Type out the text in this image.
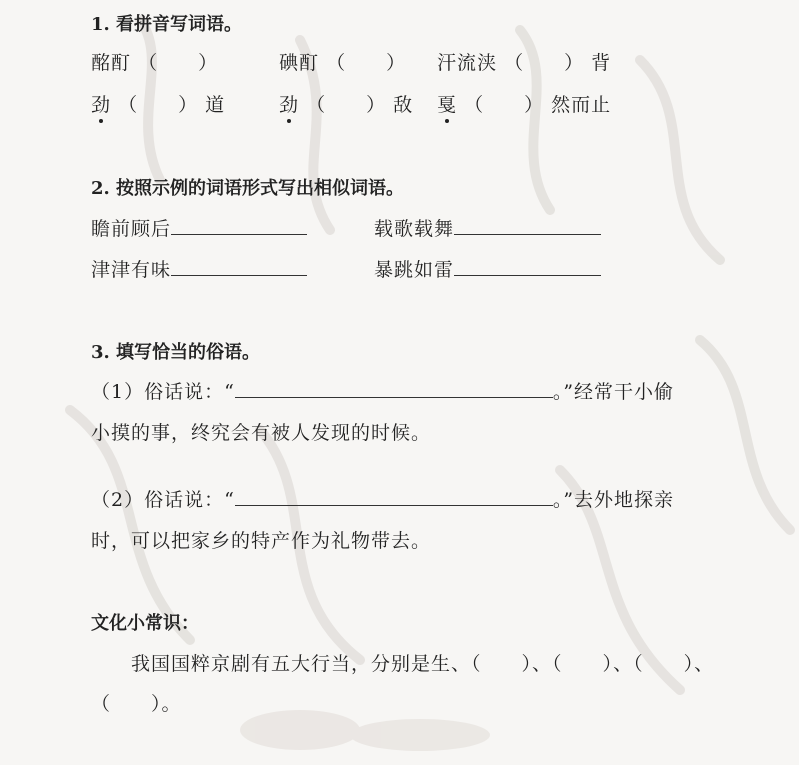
1. 看拼音写词语。
酩酊 （　　）	碘酊 （　　） 汗流浃 （　　） 背
劲 （　　） 道	劲 （　　） 敌 戛 （　　） 然而止
2. 按照示例的词语形式写出相似词语。
瞻前顾后	载歌载舞
津津有味	暴跳如雷
3. 填写恰当的俗语。
（1）俗话说：“	。”经常干小偷
小摸的事，终究会有被人发现的时候。
（2）俗话说：“	。”去外地探亲
时，可以把家乡的特产作为礼物带去。
文化小常识：
我国国粹京剧有五大行当，分别是生、（　　）、（　　）、（　　）、
（　　）。
